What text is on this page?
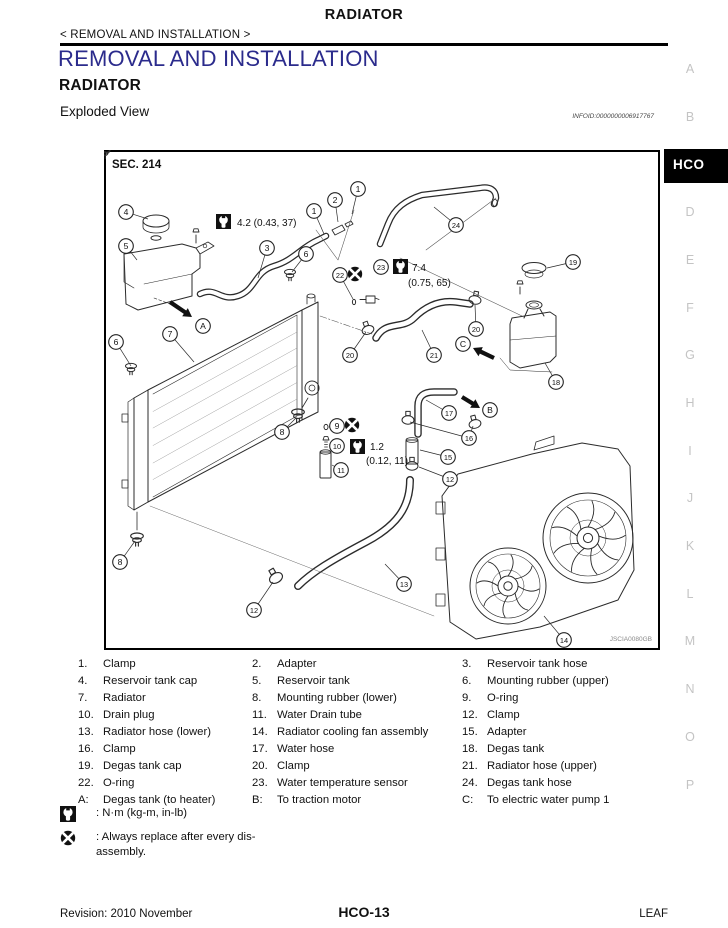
RADIATOR
< REMOVAL AND INSTALLATION >
REMOVAL AND INSTALLATION
RADIATOR
Exploded View	INFOID:0000000006917767
HCO
A
B
D
E
F
G
H
I
J
K
L
M
N
O
P
SEC. 214
4.2 (0.43, 37)
7.4
(0.75, 65)
1.2
(0.12, 11)
4
5	3
1
2
1
24
6
22
23
19
18
20	21
20
7
6
8
9
10
11
8
12
13
17
16
15
12
14
A
B
C
JSCIA0080GB
1.	Clamp	2.	Adapter	3.	Reservoir tank hose
4.	Reservoir tank cap	5.	Reservoir tank	6.	Mounting rubber (upper)
7.	Radiator	8.	Mounting rubber (lower)	9.	O-ring
10. Drain plug	11. Water Drain tube	12. Clamp
13. Radiator hose (lower)	14. Radiator cooling fan assembly	15. Adapter
16. Clamp	17. Water hose	18. Degas tank
19. Degas tank cap	20. Clamp	21. Radiator hose (upper)
22. O-ring	23. Water temperature sensor	24. Degas tank hose
A:	Degas tank (to heater)	B:	To traction motor	C:	To electric water pump 1
: N·m (kg-m, in-lb)
: Always replace after every dis-
assembly.
Revision: 2010 November	HCO-13	LEAF
